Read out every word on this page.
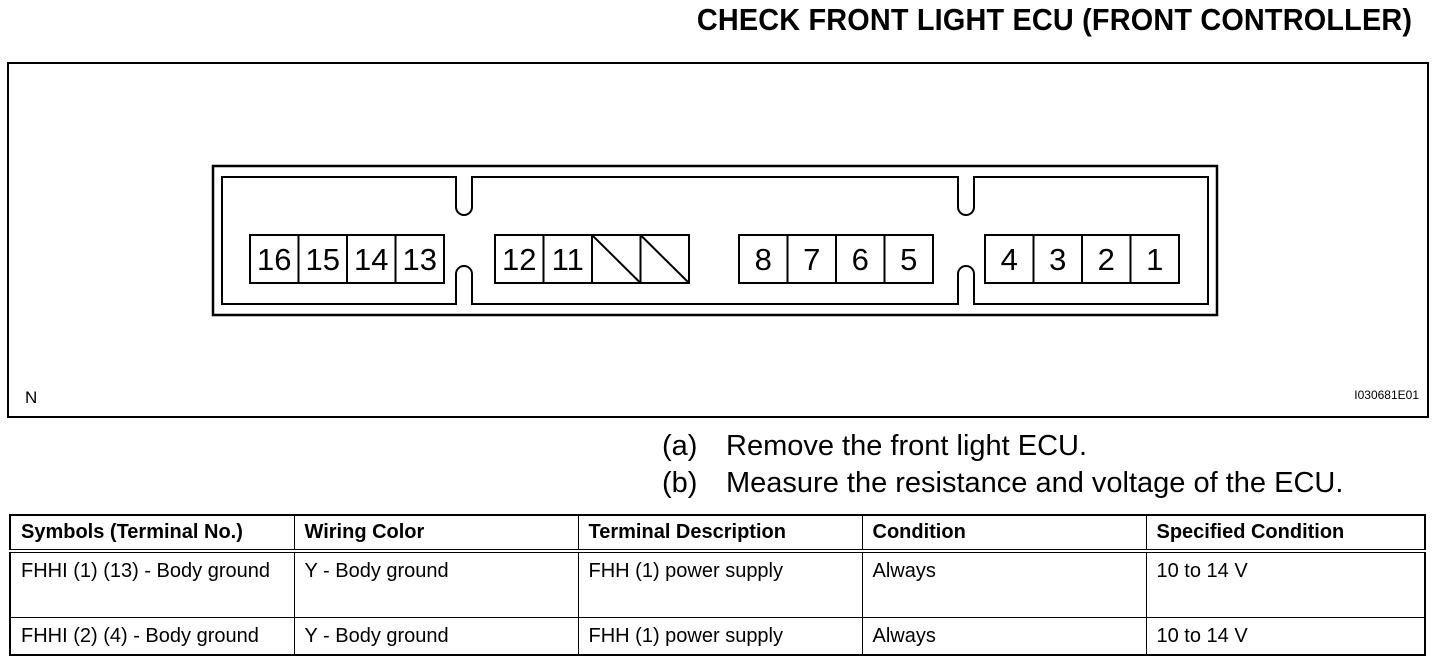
CHECK FRONT LIGHT ECU (FRONT CONTROLLER)
16 15 14 13 12 11	8 7 6 5	4 3 2 1
N	I030681E01
(a) Remove the front light ECU.
(b) Measure the resistance and voltage of the ECU.
Symbols (Terminal No.)	Wiring Color	Terminal Description	Condition	Specified Condition
FHHI (1) (13) - Body ground	Y - Body ground	FHH (1) power supply	Always	10 to 14 V
FHHI (2) (4) - Body ground	Y - Body ground	FHH (1) power supply	Always	10 to 14 V
